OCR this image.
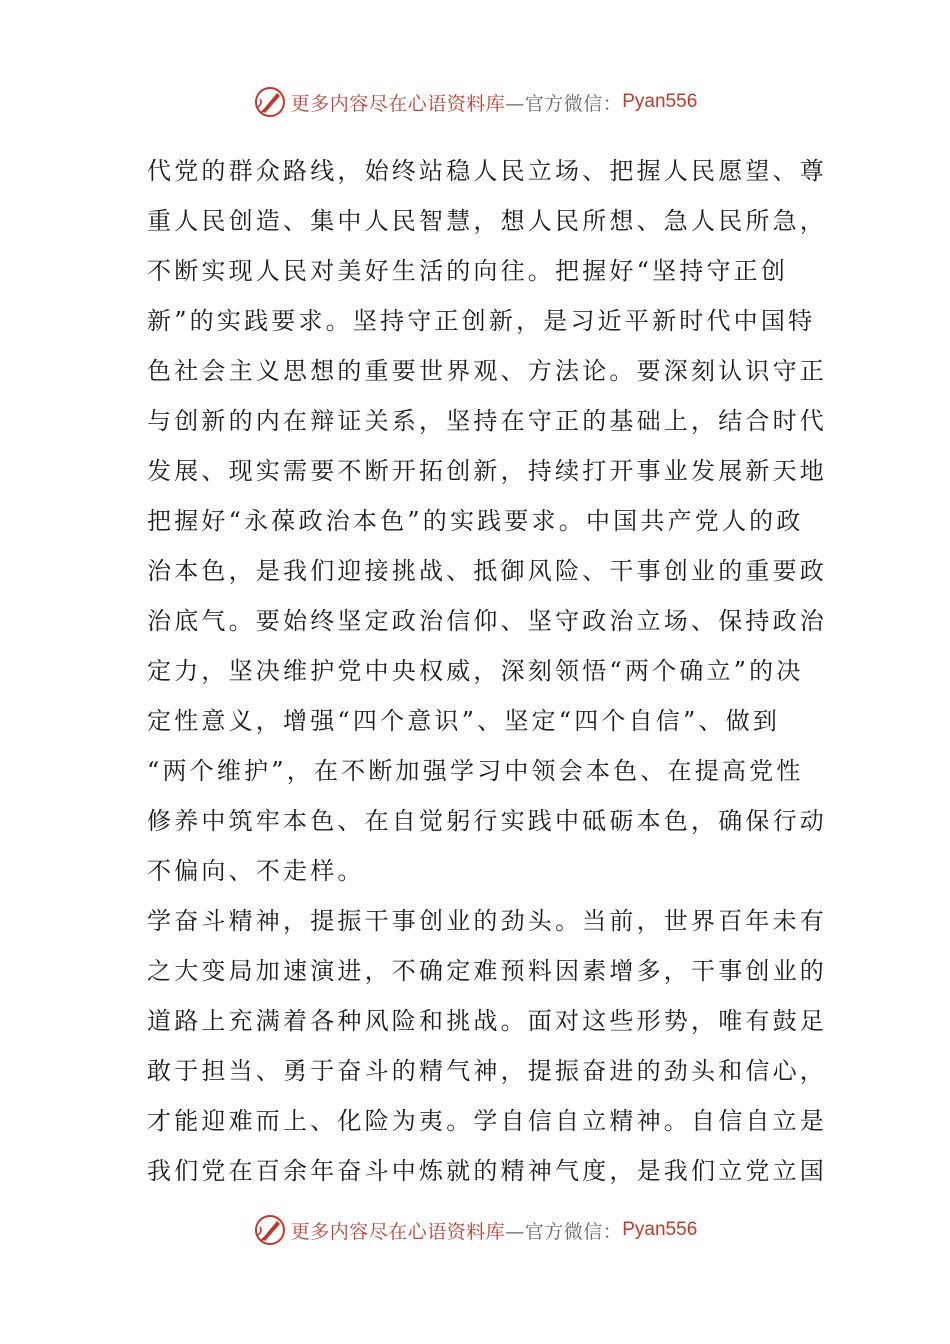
更多内容尽在心语资料库 —官方微信： Pyan556
代党的群众路线，始终站稳人民立场、把握人民愿望、尊
重人民创造、集中人民智慧，想人民所想、急人民所急，
不断实现人民对美好生活的向往。把握好“坚持守正创
新”的实践要求。坚持守正创新，是习近平新时代中国特
色社会主义思想的重要世界观、方法论。要深刻认识守正
与创新的内在辩证关系，坚持在守正的基础上，结合时代
发展、现实需要不断开拓创新，持续打开事业发展新天地
把握好“永葆政治本色”的实践要求。中国共产党人的政
治本色，是我们迎接挑战、抵御风险、干事创业的重要政
治底气。要始终坚定政治信仰、坚守政治立场、保持政治
定力，坚决维护党中央权威，深刻领悟“两个确立”的决
定性意义，增强“四个意识”、坚定“四个自信”、做到
“两个维护”，在不断加强学习中领会本色、在提高党性
修养中筑牢本色、在自觉躬行实践中砥砺本色，确保行动
不偏向、不走样。
学奋斗精神，提振干事创业的劲头。当前，世界百年未有
之大变局加速演进，不确定难预料因素增多，干事创业的
道路上充满着各种风险和挑战。面对这些形势，唯有鼓足
敢于担当、勇于奋斗的精气神，提振奋进的劲头和信心，
才能迎难而上、化险为夷。学自信自立精神。自信自立是
我们党在百余年奋斗中炼就的精神气度，是我们立党立国
更多内容尽在心语资料库 —官方微信： Pyan556
